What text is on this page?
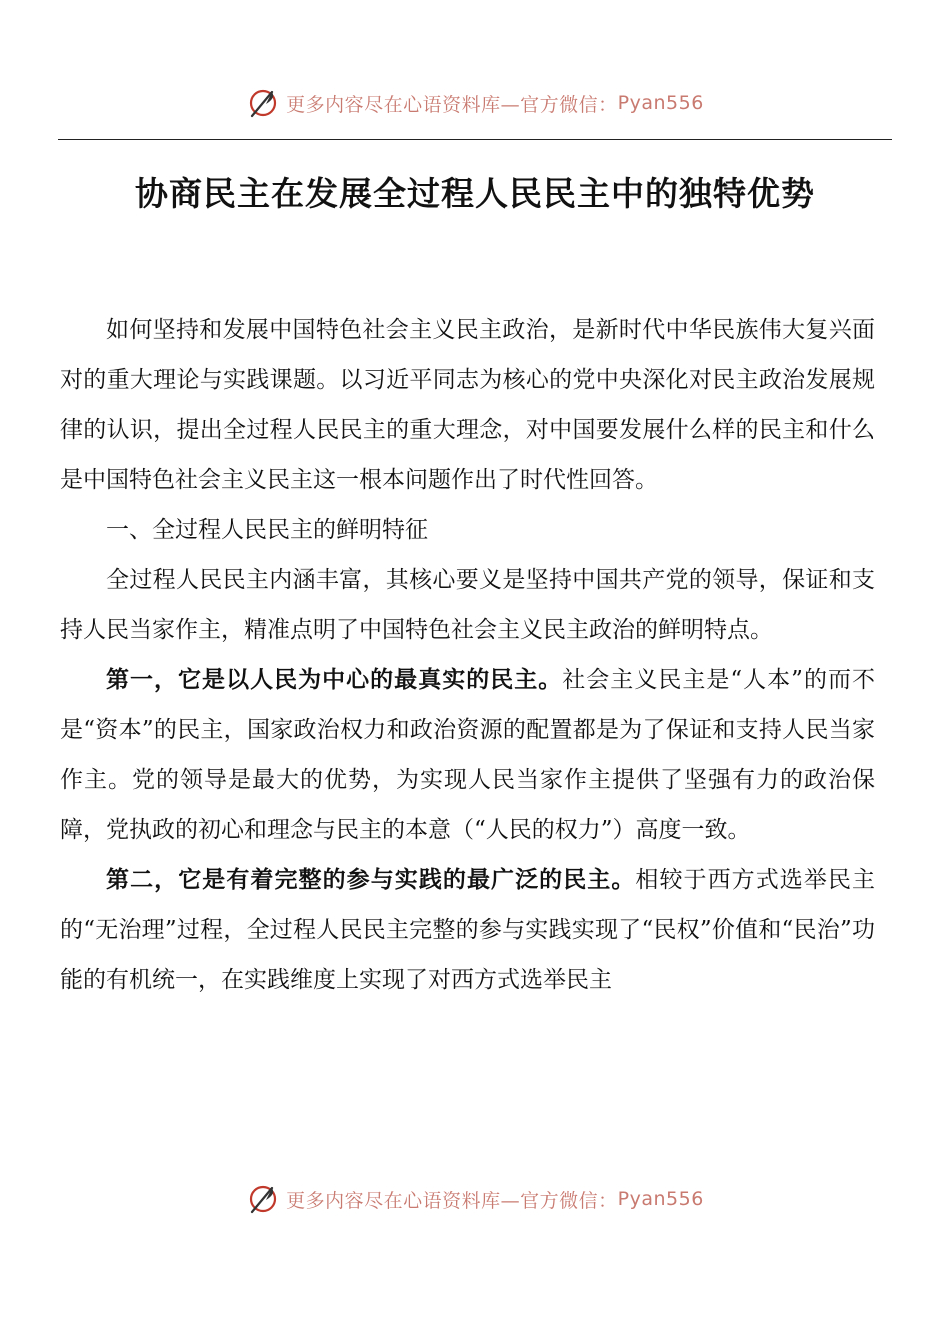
更多内容尽在心语资料库—官方微信： Pyan556
协商民主在发展全过程人民民主中的独特优势

如何坚持和发展中国特色社会主义民主政治，是新时代中华民族伟大复兴面对的重大理论与实践课题。以习近平同志为核心的党中央深化对民主政治发展规律的认识，提出全过程人民民主的重大理念，对中国要发展什么样的民主和什么是中国特色社会主义民主这一根本问题作出了时代性回答。

一、全过程人民民主的鲜明特征

全过程人民民主内涵丰富，其核心要义是坚持中国共产党的领导，保证和支持人民当家作主，精准点明了中国特色社会主义民主政治的鲜明特点。

第一，它是以人民为中心的最真实的民主。社会主义民主是“人本”的而不是“资本”的民主，国家政治权力和政治资源的配置都是为了保证和支持人民当家作主。党的领导是最大的优势，为实现人民当家作主提供了坚强有力的政治保障，党执政的初心和理念与民主的本意（“人民的权力”）高度一致。

第二，它是有着完整的参与实践的最广泛的民主。相较于西方式选举民主的“无治理”过程，全过程人民民主完整的参与实践实现了“民权”价值和“民治”功能的有机统一，在实践维度上实现了对西方式选举民主

更多内容尽在心语资料库—官方微信： Pyan556
